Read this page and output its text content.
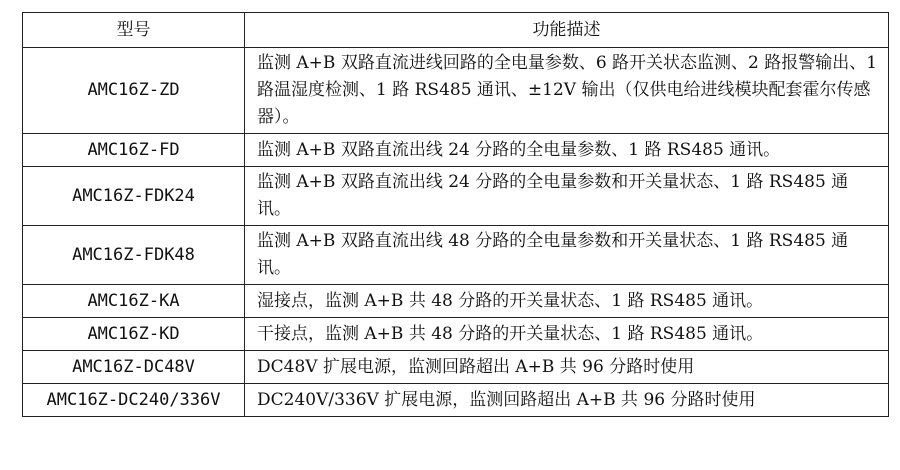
型号	功能描述
AMC16Z-ZD	监测 A+B 双路直流进线回路的全电量参数、6 路开关状态监测、2 路报警输出、1 路温湿度检测、1 路 RS485 通讯、±12V 输出（仅供电给进线模块配套霍尔传感器）。
AMC16Z-FD	监测 A+B 双路直流出线 24 分路的全电量参数、1 路 RS485 通讯。
AMC16Z-FDK24	监测 A+B 双路直流出线 24 分路的全电量参数和开关量状态、1 路 RS485 通讯。
AMC16Z-FDK48	监测 A+B 双路直流出线 48 分路的全电量参数和开关量状态、1 路 RS485 通讯。
AMC16Z-KA	湿接点，监测 A+B 共 48 分路的开关量状态、1 路 RS485 通讯。
AMC16Z-KD	干接点，监测 A+B 共 48 分路的开关量状态、1 路 RS485 通讯。
AMC16Z-DC48V	DC48V 扩展电源，监测回路超出 A+B 共 96 分路时使用
AMC16Z-DC240/336V	DC240V/336V 扩展电源，监测回路超出 A+B 共 96 分路时使用
